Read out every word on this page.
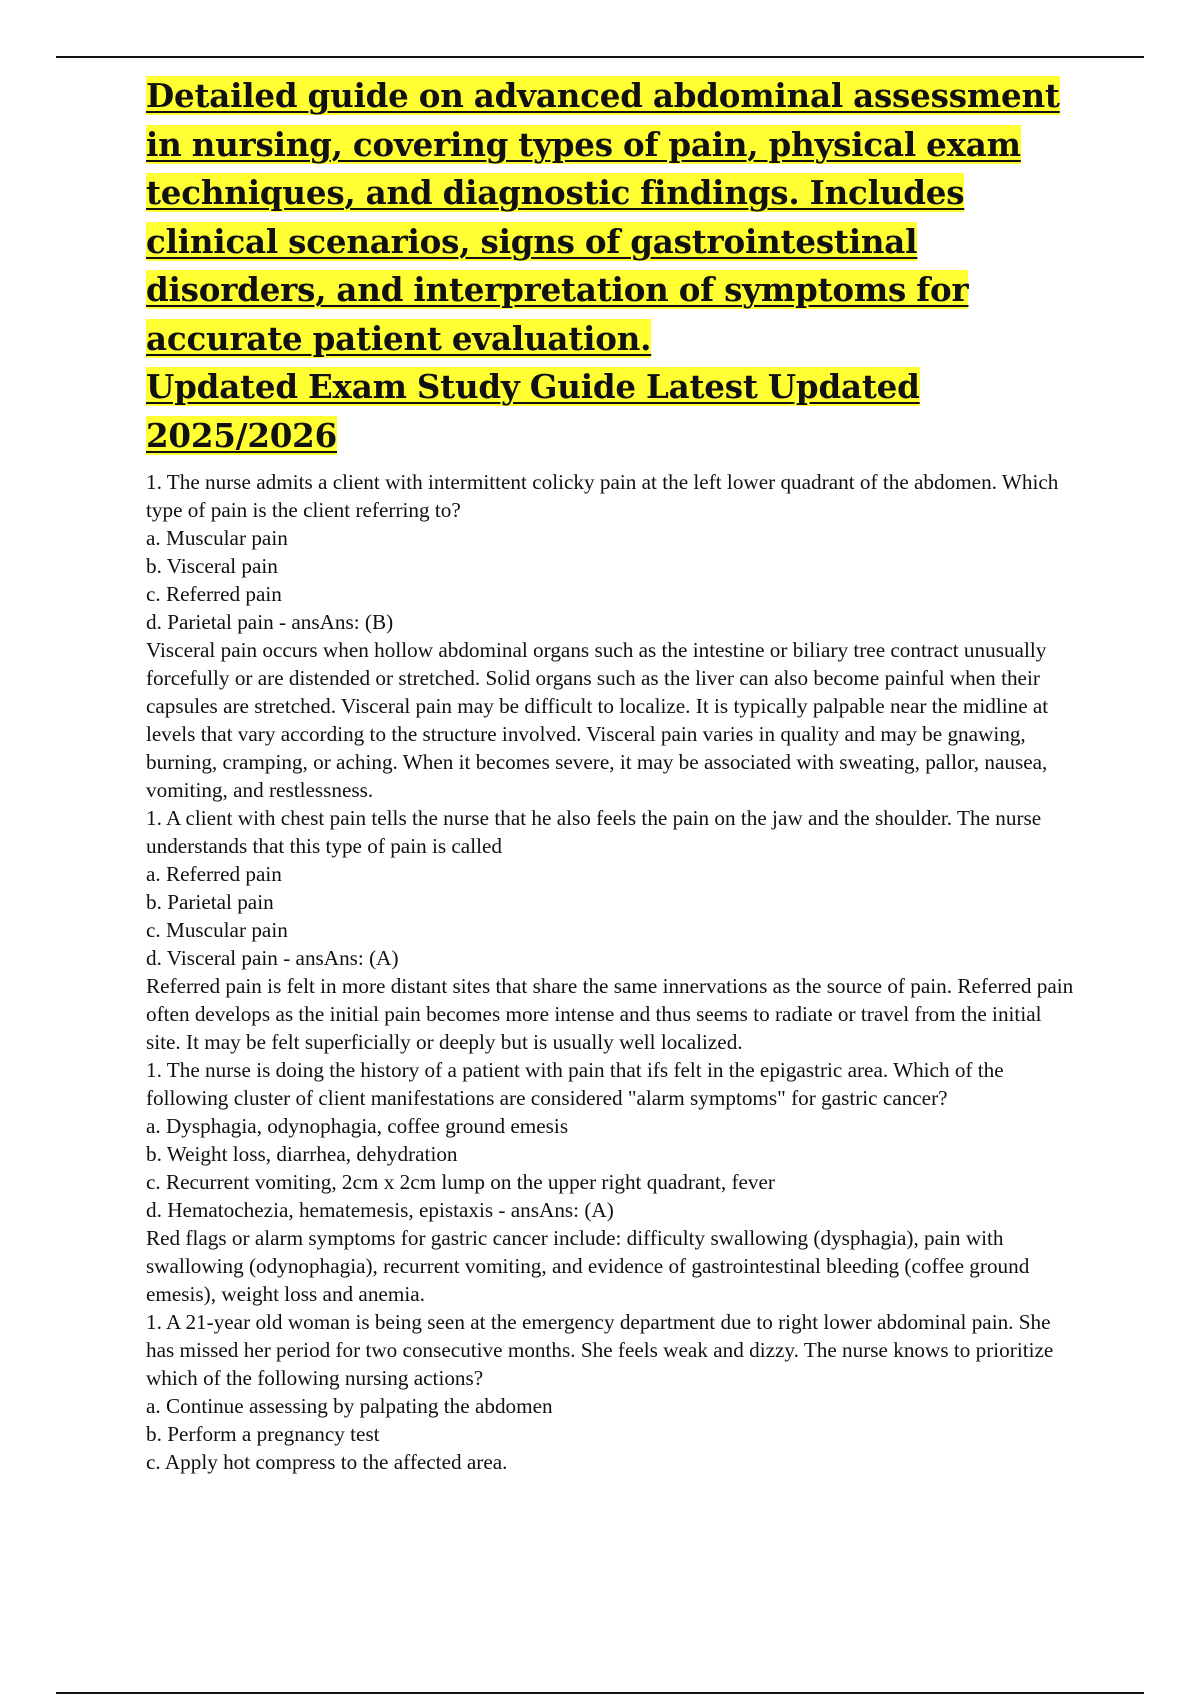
Detailed guide on advanced abdominal assessment in nursing, covering types of pain, physical exam techniques, and diagnostic findings. Includes clinical scenarios, signs of gastrointestinal disorders, and interpretation of symptoms for accurate patient evaluation.
Updated Exam Study Guide Latest Updated 2025/2026

1. The nurse admits a client with intermittent colicky pain at the left lower quadrant of the abdomen. Which type of pain is the client referring to?

a. Muscular pain

b. Visceral pain

c. Referred pain

d. Parietal pain - ansAns: (B)

Visceral pain occurs when hollow abdominal organs such as the intestine or biliary tree contract unusually forcefully or are distended or stretched. Solid organs such as the liver can also become painful when their capsules are stretched. Visceral pain may be difficult to localize. It is typically palpable near the midline at levels that vary according to the structure involved. Visceral pain varies in quality and may be gnawing, burning, cramping, or aching. When it becomes severe, it may be associated with sweating, pallor, nausea, vomiting, and restlessness.

1. A client with chest pain tells the nurse that he also feels the pain on the jaw and the shoulder. The nurse understands that this type of pain is called

a. Referred pain

b. Parietal pain

c. Muscular pain

d. Visceral pain - ansAns: (A)

Referred pain is felt in more distant sites that share the same innervations as the source of pain. Referred pain often develops as the initial pain becomes more intense and thus seems to radiate or travel from the initial site. It may be felt superficially or deeply but is usually well localized.

1. The nurse is doing the history of a patient with pain that ifs felt in the epigastric area. Which of the following cluster of client manifestations are considered "alarm symptoms" for gastric cancer?

a. Dysphagia, odynophagia, coffee ground emesis

b. Weight loss, diarrhea, dehydration

c. Recurrent vomiting, 2cm x 2cm lump on the upper right quadrant, fever

d. Hematochezia, hematemesis, epistaxis - ansAns: (A)

Red flags or alarm symptoms for gastric cancer include: difficulty swallowing (dysphagia), pain with swallowing (odynophagia), recurrent vomiting, and evidence of gastrointestinal bleeding (coffee ground emesis), weight loss and anemia.

1. A 21-year old woman is being seen at the emergency department due to right lower abdominal pain. She has missed her period for two consecutive months. She feels weak and dizzy. The nurse knows to prioritize which of the following nursing actions?

a. Continue assessing by palpating the abdomen

b. Perform a pregnancy test

c. Apply hot compress to the affected area.
